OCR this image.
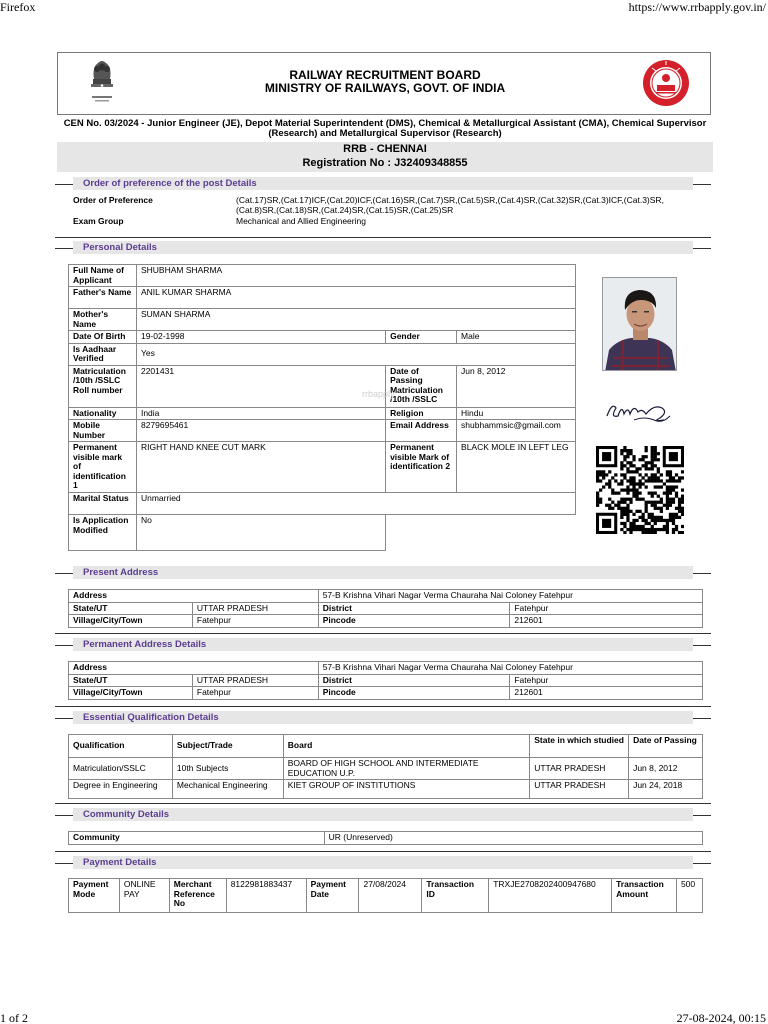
Firefox	https://www.rrbapply.gov.in/
1 of 2	27-08-2024, 00:15
RAILWAY RECRUITMENT BOARD
MINISTRY OF RAILWAYS, GOVT. OF INDIA
CEN No. 03/2024 - Junior Engineer (JE), Depot Material Superintendent (DMS), Chemical & Metallurgical Assistant (CMA), Chemical Supervisor (Research) and Metallurgical Supervisor (Research)
RRB - CHENNAI
Registration No : J32409348855
Order of preference of the post Details
Order of Preference	(Cat.17)SR,(Cat.17)ICF,(Cat.20)ICF,(Cat.16)SR,(Cat.7)SR,(Cat.5)SR,(Cat.4)SR,(Cat.32)SR,(Cat.3)ICF,(Cat.3)SR,(Cat.8)SR,(Cat.18)SR,(Cat.24)SR,(Cat.15)SR,(Cat.25)SR
Exam Group	Mechanical and Allied Engineering
Personal Details
Full Name of Applicant	SHUBHAM SHARMA		
Father's Name	ANIL KUMAR SHARMA		
Mother's Name	SUMAN SHARMA		
Date Of Birth	19-02-1998	Gender	Male
Is Aadhaar Verified	Yes		
Matriculation /10th /SSLC Roll number	2201431	Date of Passing Matriculation /10th /SSLC	Jun 8, 2012
Nationality	India	Religion	Hindu
Mobile Number	8279695461	Email Address	shubhammsic@gmail.com
Permanent visible mark of identification 1	RIGHT HAND KNEE CUT MARK	Permanent visible Mark of identification 2	BLACK MOLE IN LEFT LEG
Marital Status	Unmarried		
Is Application Modified	No		
rrbapply
Present Address
Address		57-B Krishna Vihari Nagar Verma Chauraha Nai Coloney Fatehpur	
State/UT	UTTAR PRADESH	District	Fatehpur
Village/City/Town	Fatehpur	Pincode	212601
Permanent Address Details
Address		57-B Krishna Vihari Nagar Verma Chauraha Nai Coloney Fatehpur	
State/UT	UTTAR PRADESH	District	Fatehpur
Village/City/Town	Fatehpur	Pincode	212601
Essential Qualification Details
Qualification	Subject/Trade	Board	State in which studied	Date of Passing
Matriculation/SSLC	10th Subjects	BOARD OF HIGH SCHOOL AND INTERMEDIATE EDUCATION U.P.	UTTAR PRADESH	Jun 8, 2012
Degree in Engineering	Mechanical Engineering	KIET GROUP OF INSTITUTIONS	UTTAR PRADESH	Jun 24, 2018
Community Details
Community	UR (Unreserved)
Payment Details
Payment Mode	ONLINE PAY	Merchant Reference No	8122981883437	Payment Date	27/08/2024	Transaction ID	TRXJE2708202400947680	Transaction Amount	500
